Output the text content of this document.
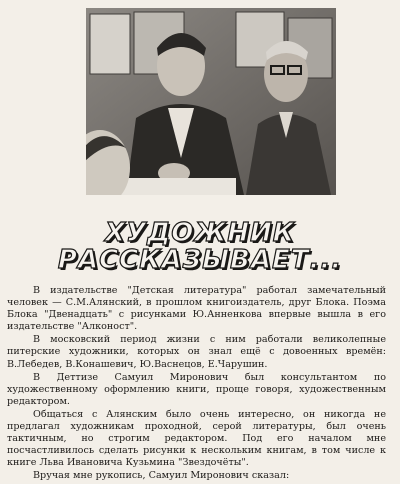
ХУДОЖНИК
РАССКАЗЫВАЕТ...

В издательстве "Детская литература" работал замечательный человек — С.М.Алянский, в прошлом книгоиздатель, друг Блока. Поэма Блока "Двенадцать" с рисунками Ю.Анненкова впервые вышла в его издательстве "Алконост".

В московский период жизни с ним работали великолепные питерские художники, которых он знал ещё с довоенных времён: В.Лебедев, В.Конашевич, Ю.Васнецов, Е.Чарушин.

В Деттизе Самуил Миронович был консультантом по художественному оформлению книги, проще говоря, художественным редактором.

Общаться с Алянским было очень интересно, он никогда не предлагал художникам проходной, серой литературы, был очень тактичным, но строгим редактором. Под его началом мне посчастливилось сделать рисунки к нескольким книгам, в том числе к книге Льва Ивановича Кузьмина "Звездочёты".

Вручая мне рукопись, Самуил Миронович сказал:
